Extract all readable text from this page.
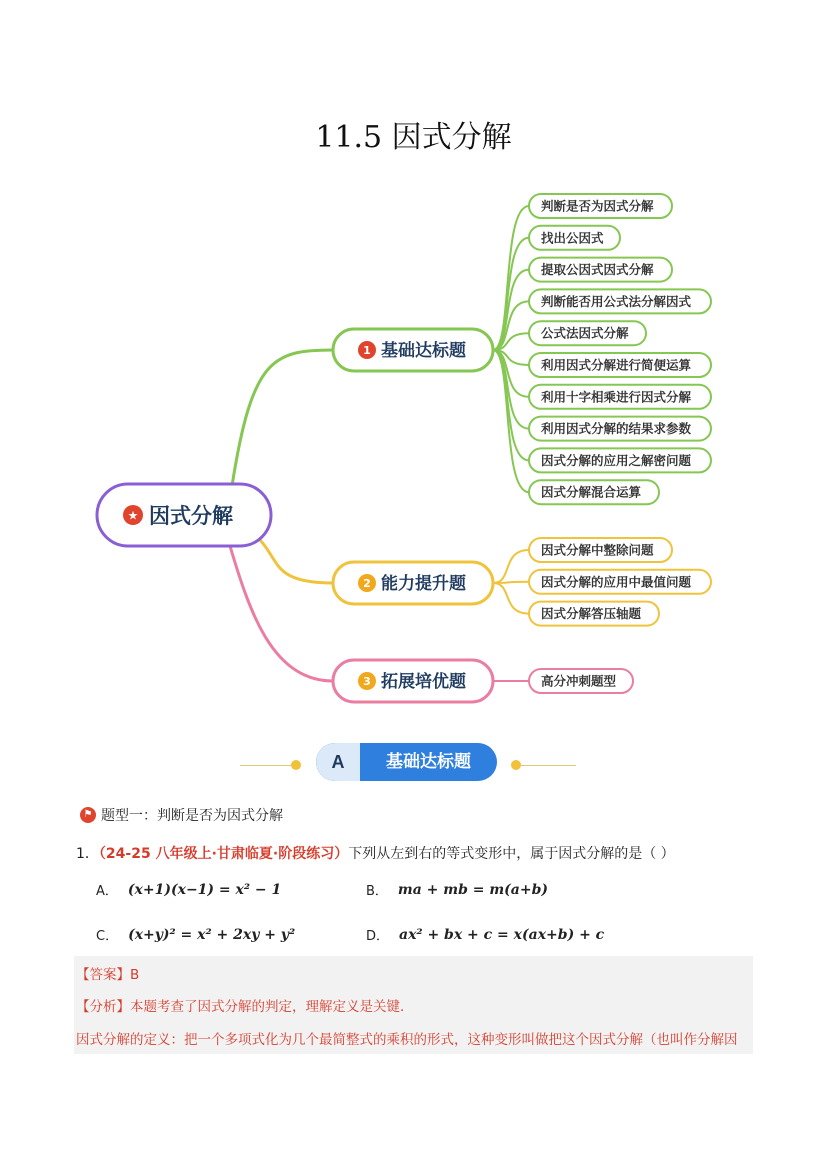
11.5 因式分解
1 基础达标题
判断是否为因式分解
找出公因式
提取公因式因式分解
判断能否用公式法分解因式
公式法因式分解
利用因式分解进行简便运算
利用十字相乘进行因式分解
利用因式分解的结果求参数
因式分解的应用之解密问题
因式分解混合运算
2 能力提升题
因式分解中整除问题
因式分解的应用中最值问题
因式分解答压轴题
3 拓展培优题	高分冲刺题型
★ 因式分解
A	基础达标题
⚑ 题型一：判断是否为因式分解
1．（24-25 八年级上·甘肃临夏·阶段练习）下列从左到右的等式变形中，属于因式分解的是（ ）
A． (x+1)(x−1) = x² − 1	B． ma + mb = m(a+b)
C． (x+y)² = x² + 2xy + y²	D． ax² + bx + c = x(ax+b) + c
【答案】B
【分析】本题考查了因式分解的判定，理解定义是关键．
因式分解的定义：把一个多项式化为几个最简整式的乘积的形式，这种变形叫做把这个因式分解（也叫作分解因
